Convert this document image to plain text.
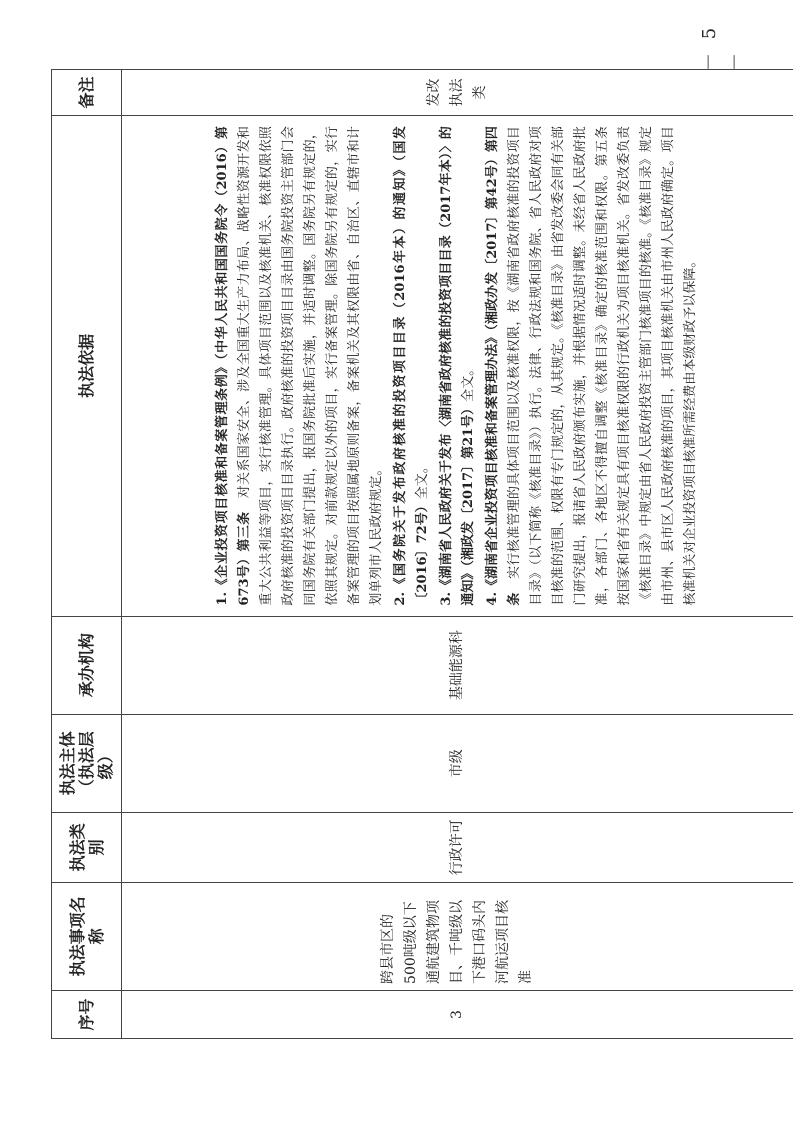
序号	执法事项名称	执法类别	执法主体（执法层级）	承办机构	执法依据	备注
3	跨县市区的500吨级以下通航建筑物项目、千吨级以下港口码头内河航运项目核准	行政许可	市级	基础能源科	1.《企业投资项目核准和备案管理条例》（中华人民共和国国务院令（2016）第673号）第三条　对关系国家安全、涉及全国重大生产力布局、战略性资源开发和重大公共利益等项目，实行核准管理。具体项目范围以及核准机关、核准权限依照政府核准的投资项目目录执行。政府核准的投资项目目录由国务院投资主管部门会同国务院有关部门提出，报国务院批准后实施，并适时调整。国务院另有规定的，依照其规定。对前款规定以外的项目，实行备案管理。除国务院另有规定的，实行备案管理的项目按照属地原则备案，备案机关及其权限由省、自治区、直辖市和计划单列市人民政府规定。 2.《国务院关于发布政府核准的投资项目目录（2016年本）的通知》（国发〔2016〕72号）全文。 3.《湖南省人民政府关于发布〈湖南省政府核准的投资项目目录（2017年本）〉的通知》（湘政发〔2017〕第21号）全文。 4.《湖南省企业投资项目核准和备案管理办法》（湘政办发〔2017〕第42号）第四条　实行核准管理的具体项目范围以及核准权限，按《湖南省政府核准的投资项目目录》（以下简称《核准目录》）执行。法律、行政法规和国务院、省人民政府对项目核准的范围、权限有专门规定的，从其规定。《核准目录》由省发改委会同有关部门研究提出，报请省人民政府颁布实施，并根据情况适时调整。未经省人民政府批准，各部门、各地区不得擅自调整《核准目录》确定的核准范围和权限。第五条　按国家和省有关规定具有项目核准权限的行政机关为项目核准机关。省发改委负责《核准目录》中规定由省人民政府投资主管部门核准项目的核准。《核准目录》规定由市州、县市区人民政府核准的项目，其项目核准机关由市州人民政府确定。项目核准机关对企业投资项目核准所需经费由本级财政予以保障。	发改执法类
－ 5 －
